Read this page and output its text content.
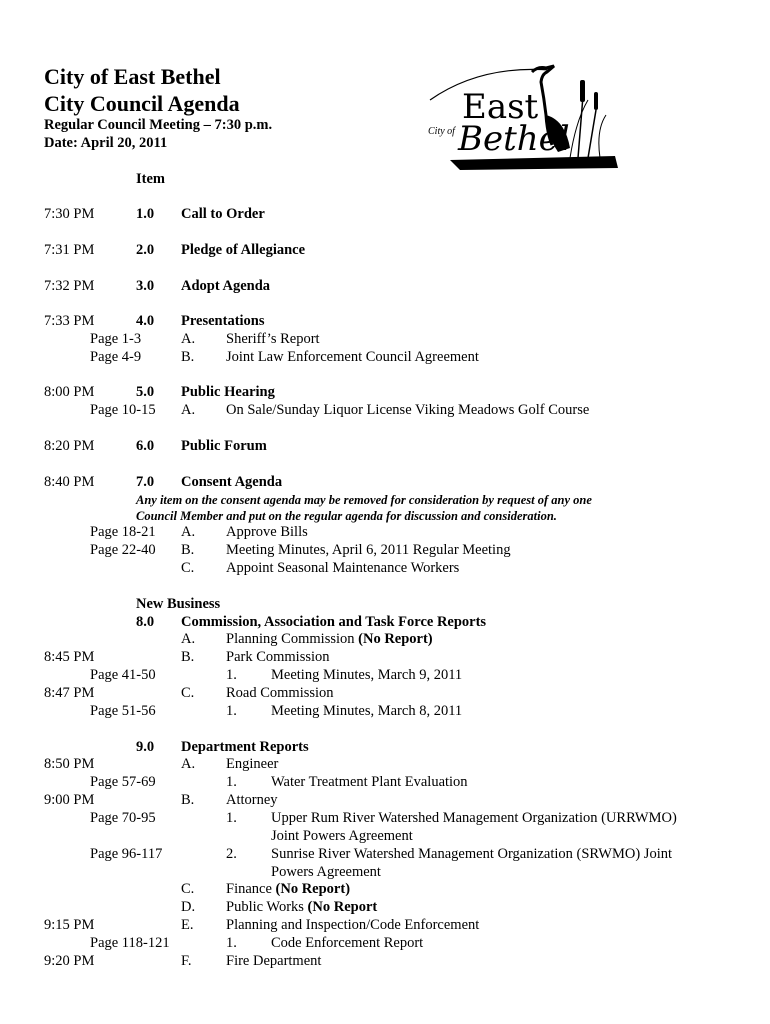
City of East Bethel
City Council Agenda
Regular Council Meeting – 7:30 p.m.
Date: April 20, 2011
Item
East
City of Bethel
7:30 PM	1.0 Call to Order
7:31 PM	2.0 Pledge of Allegiance
7:32 PM	3.0 Adopt Agenda
7:33 PM	4.0 Presentations
Page 1-3	A. Sheriff’s Report
Page 4-9	B. Joint Law Enforcement Council Agreement
8:00 PM	5.0 Public Hearing
Page 10-15 A. On Sale/Sunday Liquor License Viking Meadows Golf Course
8:20 PM	6.0 Public Forum
8:40 PM	7.0 Consent Agenda
Any item on the consent agenda may be removed for consideration by request of any one
Council Member and put on the regular agenda for discussion and consideration.
Page 18-21 A. Approve Bills
Page 22-40 B. Meeting Minutes, April 6, 2011 Regular Meeting
C. Appoint Seasonal Maintenance Workers
New Business
8.0 Commission, Association and Task Force Reports
A. Planning Commission (No Report)
8:45 PM	B. Park Commission
Page 41-50	1. Meeting Minutes, March 9, 2011
8:47 PM	C. Road Commission
Page 51-56	1. Meeting Minutes, March 8, 2011
9.0 Department Reports
8:50 PM	A. Engineer
Page 57-69	1. Water Treatment Plant Evaluation
9:00 PM	B. Attorney
Page 70-95	1. Upper Rum River Watershed Management Organization (URRWMO)
Joint Powers Agreement
Page 96-117	2. Sunrise River Watershed Management Organization (SRWMO) Joint
Powers Agreement
C. Finance (No Report)
D. Public Works (No Report
9:15 PM	E. Planning and Inspection/Code Enforcement
Page 118-121	1. Code Enforcement Report
9:20 PM	F. Fire Department
